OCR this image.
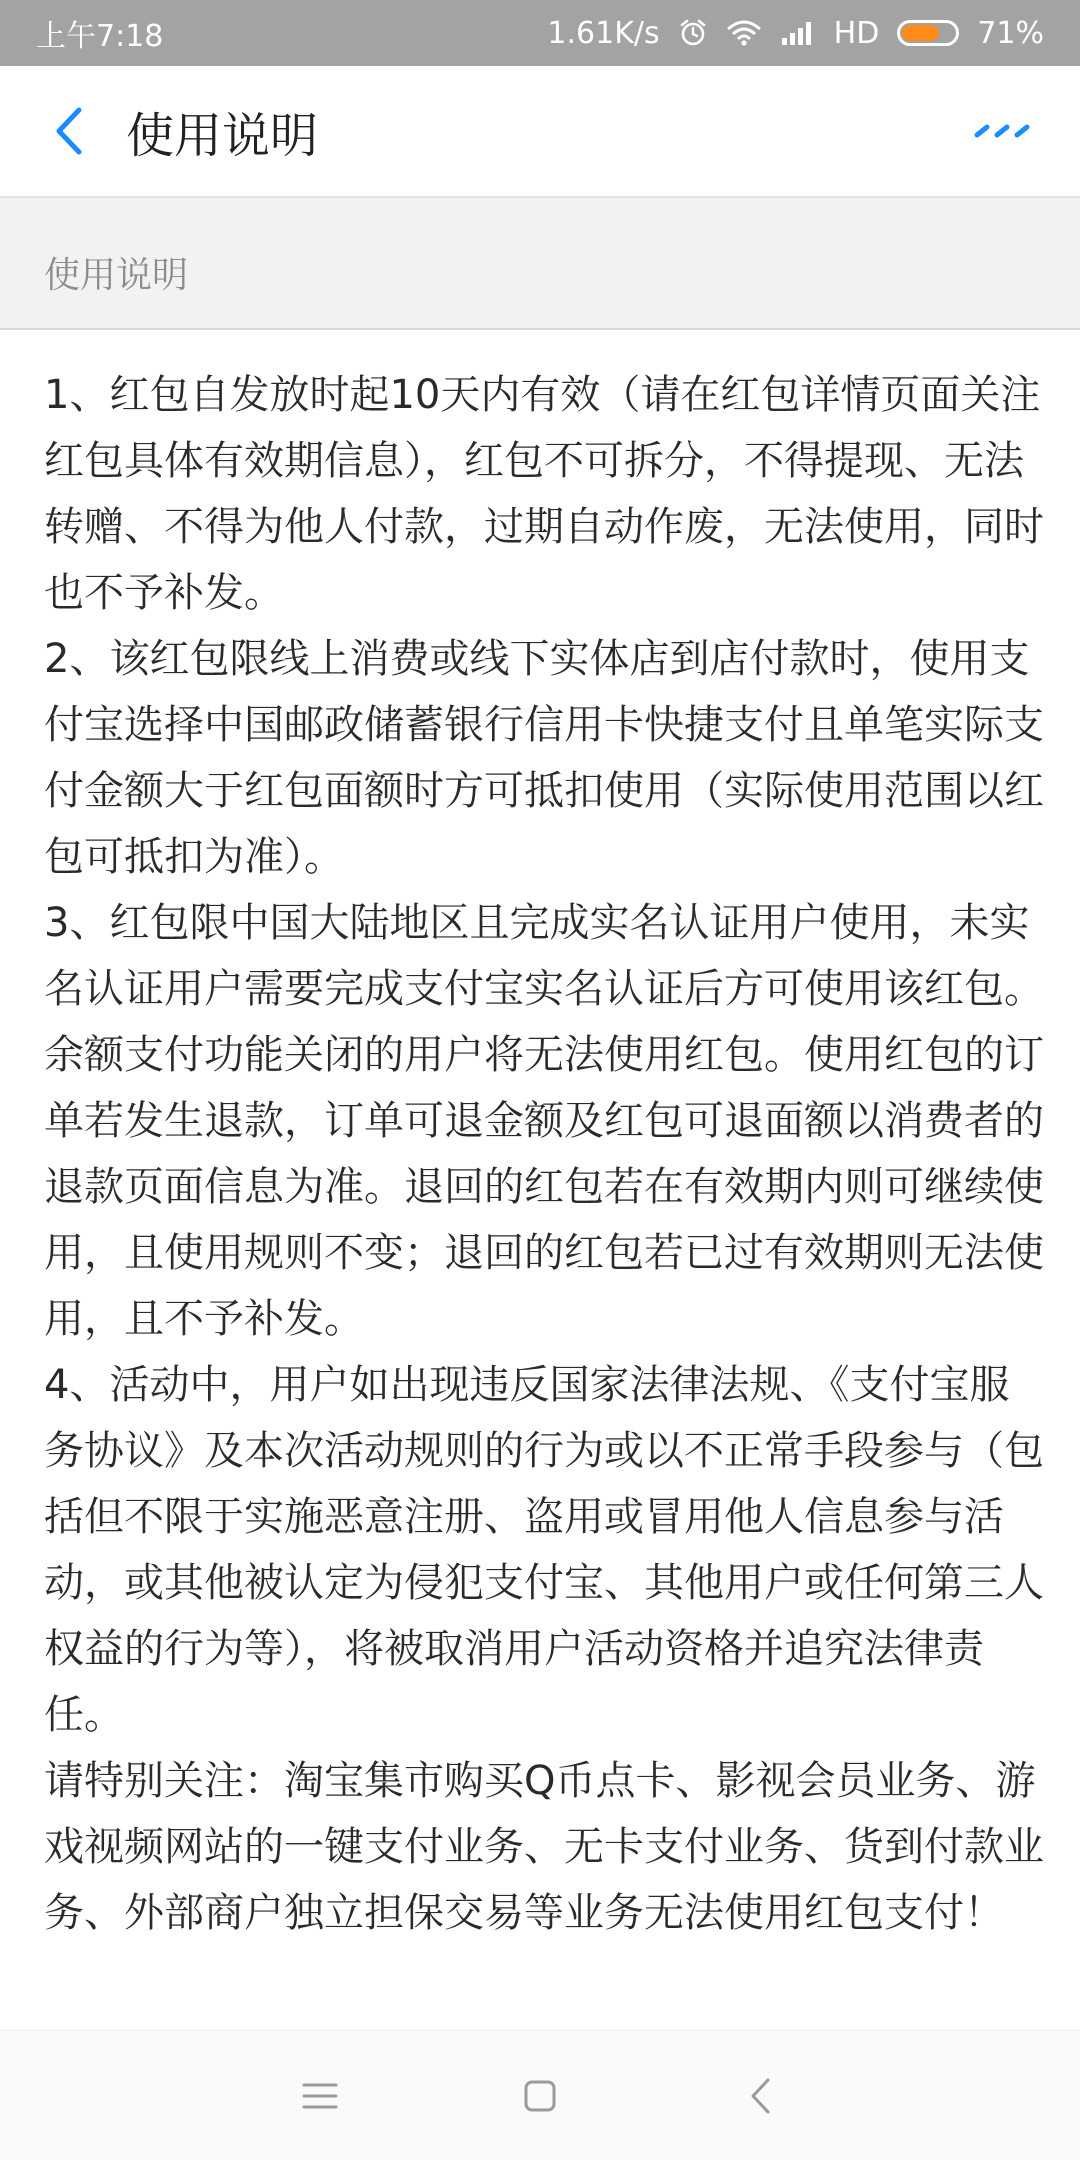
上午7:18	1.61K/s	HD	71%
使用说明
使用说明

1、红包自发放时起10天内有效（请在红包详情页面关注红包具体有效期信息），红包不可拆分，不得提现、无法转赠、不得为他人付款，过期自动作废，无法使用，同时也不予补发。

2、该红包限线上消费或线下实体店到店付款时，使用支付宝选择中国邮政储蓄银行信用卡快捷支付且单笔实际支付金额大于红包面额时方可抵扣使用（实际使用范围以红包可抵扣为准）。

3、红包限中国大陆地区且完成实名认证用户使用，未实名认证用户需要完成支付宝实名认证后方可使用该红包。余额支付功能关闭的用户将无法使用红包。使用红包的订单若发生退款，订单可退金额及红包可退面额以消费者的退款页面信息为准。退回的红包若在有效期内则可继续使用，且使用规则不变；退回的红包若已过有效期则无法使用，且不予补发。

4、活动中，用户如出现违反国家法律法规、《支付宝服务协议》及本次活动规则的行为或以不正常手段参与（包括但不限于实施恶意注册、盗用或冒用他人信息参与活动，或其他被认定为侵犯支付宝、其他用户或任何第三人权益的行为等），将被取消用户活动资格并追究法律责任。

请特别关注：淘宝集市购买Q币点卡、影视会员业务、游戏视频网站的一键支付业务、无卡支付业务、货到付款业务、外部商户独立担保交易等业务无法使用红包支付！
